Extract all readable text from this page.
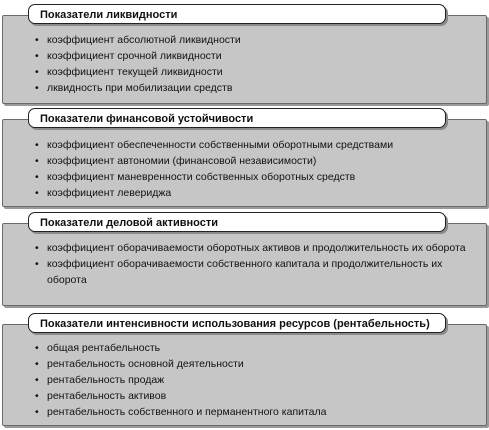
Показатели ликвидности
• коэффициент абсолютной ликвидности
• коэффициент срочной ликвидности
• коэффициент текущей ликвидности
• лквидность при мобилизации средств
Показатели финансовой устойчивости
• коэффициент обеспеченности собственными оборотными средствами
• коэффициент автономии (финансовой независимости)
• коэффициент маневренности собственных оборотных средств
• коэффициент левериджа
Показатели деловой активности
• коэффициент оборачиваемости оборотных активов и продолжительность их оборота
• коэффициент оборачиваемости собственного капитала и продолжительность их оборота
Показатели интенсивности использования ресурсов (рентабельность)
• общая рентабельность
• рентабельность основной деятельности
• рентабельность продаж
• рентабельность активов
• рентабельность собственного и перманентного капитала
